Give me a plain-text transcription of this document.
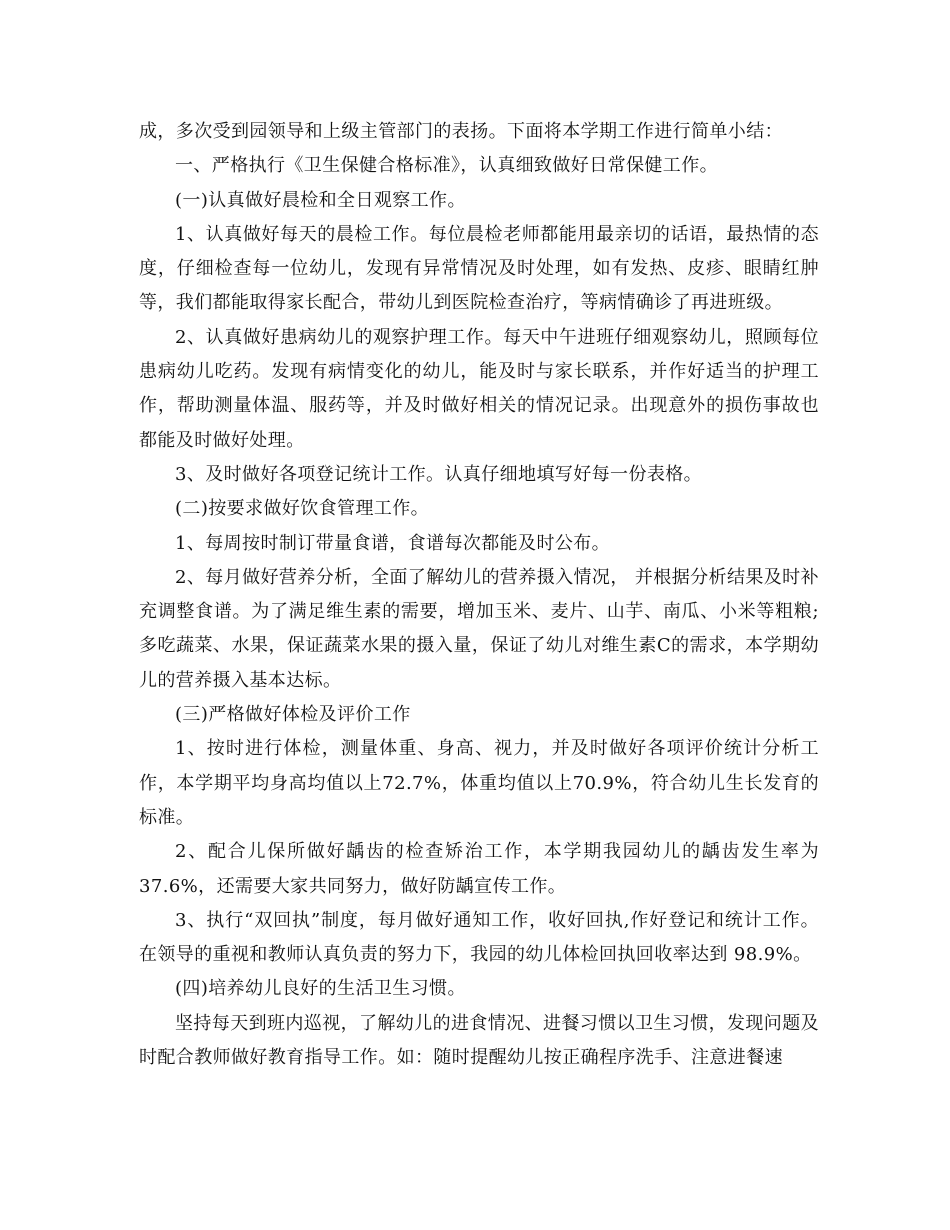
成，多次受到园领导和上级主管部门的表扬。下面将本学期工作进行简单小结：

一、严格执行《卫生保健合格标准》，认真细致做好日常保健工作。

(一)认真做好晨检和全日观察工作。

1、认真做好每天的晨检工作。每位晨检老师都能用最亲切的话语，最热情的态度，仔细检查每一位幼儿，发现有异常情况及时处理，如有发热、皮疹、眼睛红肿等，我们都能取得家长配合，带幼儿到医院检查治疗，等病情确诊了再进班级。

2、认真做好患病幼儿的观察护理工作。每天中午进班仔细观察幼儿，照顾每位患病幼儿吃药。发现有病情变化的幼儿，能及时与家长联系，并作好适当的护理工作，帮助测量体温、服药等，并及时做好相关的情况记录。出现意外的损伤事故也都能及时做好处理。

3、及时做好各项登记统计工作。认真仔细地填写好每一份表格。

(二)按要求做好饮食管理工作。

1、每周按时制订带量食谱，食谱每次都能及时公布。

2、每月做好营养分析，全面了解幼儿的营养摄入情况， 并根据分析结果及时补充调整食谱。为了满足维生素的需要，增加玉米、麦片、山芋、南瓜、小米等粗粮;多吃蔬菜、水果，保证蔬菜水果的摄入量，保证了幼儿对维生素C的需求，本学期幼儿的营养摄入基本达标。

(三)严格做好体检及评价工作

1、按时进行体检，测量体重、身高、视力，并及时做好各项评价统计分析工作，本学期平均身高均值以上72.7%，体重均值以上70.9%，符合幼儿生长发育的标准。

2、配合儿保所做好龋齿的检查矫治工作，本学期我园幼儿的龋齿发生率为37.6%，还需要大家共同努力，做好防龋宣传工作。

3、执行“双回执”制度，每月做好通知工作，收好回执,作好登记和统计工作。在领导的重视和教师认真负责的努力下，我园的幼儿体检回执回收率达到 98.9%。

(四)培养幼儿良好的生活卫生习惯。

坚持每天到班内巡视，了解幼儿的进食情况、进餐习惯以卫生习惯，发现问题及时配合教师做好教育指导工作。如：随时提醒幼儿按正确程序洗手、注意进餐速
